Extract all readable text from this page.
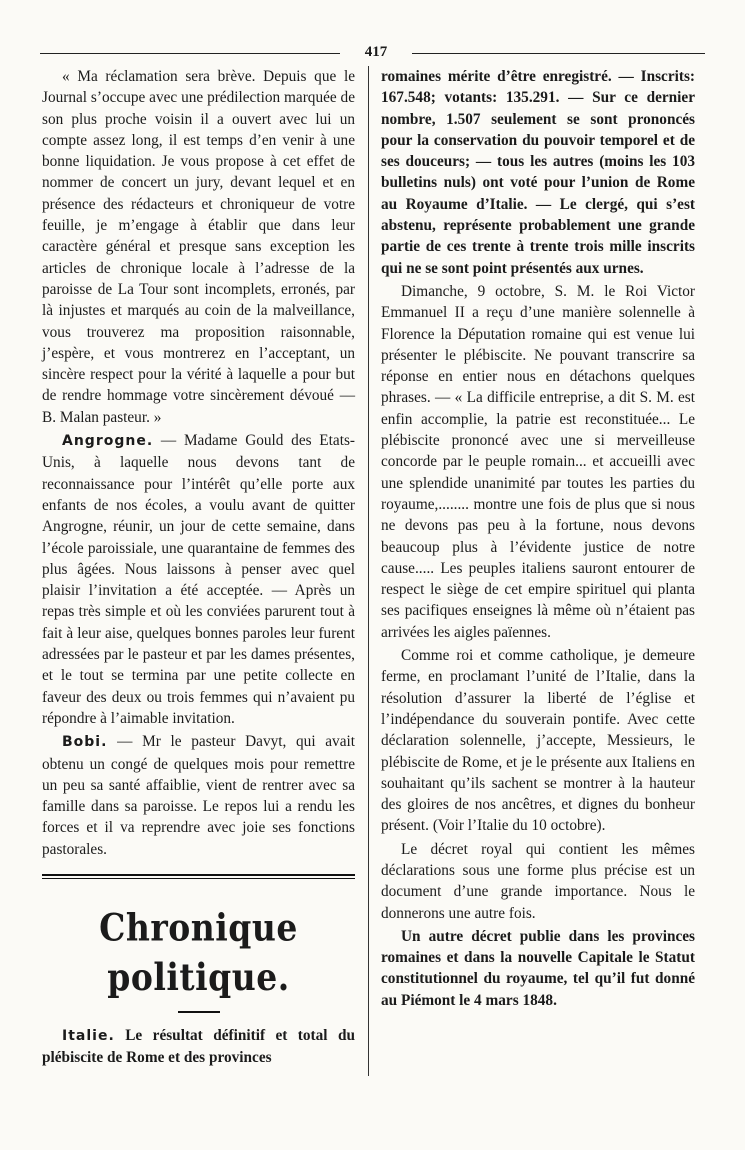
417

« Ma réclamation sera brève. Depuis que le Journal s’occupe avec une prédilection marquée de son plus proche voisin il a ouvert avec lui un compte assez long, il est temps d’en venir à une bonne liquidation. Je vous propose à cet effet de nommer de concert un jury, devant lequel et en présence des rédacteurs et chroniqueur de votre feuille, je m’engage à établir que dans leur caractère général et presque sans exception les articles de chronique locale à l’adresse de la paroisse de La Tour sont incomplets, erronés, par là injustes et marqués au coin de la malveillance, vous trouverez ma proposition raisonnable, j’espère, et vous montrerez en l’acceptant, un sincère respect pour la vérité à laquelle a pour but de rendre hommage votre sincèrement dévoué — B. Malan pasteur. »

Angrogne. — Madame Gould des Etats-Unis, à laquelle nous devons tant de reconnaissance pour l’intérêt qu’elle porte aux enfants de nos écoles, a voulu avant de quitter Angrogne, réunir, un jour de cette semaine, dans l’école paroissiale, une quarantaine de femmes des plus âgées. Nous laissons à penser avec quel plaisir l’invitation a été acceptée. — Après un repas très simple et où les conviées parurent tout à fait à leur aise, quelques bonnes paroles leur furent adressées par le pasteur et par les dames présentes, et le tout se termina par une petite collecte en faveur des deux ou trois femmes qui n’avaient pu répondre à l’aimable invitation.

Bobi. — Mr le pasteur Davyt, qui avait obtenu un congé de quelques mois pour remettre un peu sa santé affaiblie, vient de rentrer avec sa famille dans sa paroisse. Le repos lui a rendu les forces et il va reprendre avec joie ses fonctions pastorales.

Chronique politique.

Italie. Le résultat définitif et total du plébiscite de Rome et des provinces

romaines mérite d’être enregistré. — Inscrits: 167.548; votants: 135.291. — Sur ce dernier nombre, 1.507 seulement se sont prononcés pour la conservation du pouvoir temporel et de ses douceurs; — tous les autres (moins les 103 bulletins nuls) ont voté pour l’union de Rome au Royaume d’Italie. — Le clergé, qui s’est abstenu, représente probablement une grande partie de ces trente à trente trois mille inscrits qui ne se sont point présentés aux urnes.

Dimanche, 9 octobre, S. M. le Roi Victor Emmanuel II a reçu d’une manière solennelle à Florence la Députation romaine qui est venue lui présenter le plébiscite. Ne pouvant transcrire sa réponse en entier nous en détachons quelques phrases. — « La difficile entreprise, a dit S. M. est enfin accomplie, la patrie est reconstituée... Le plébiscite prononcé avec une si merveilleuse concorde par le peuple romain... et accueilli avec une splendide unanimité par toutes les parties du royaume,........ montre une fois de plus que si nous ne devons pas peu à la fortune, nous devons beaucoup plus à l’évidente justice de notre cause..... Les peuples italiens sauront entourer de respect le siège de cet empire spirituel qui planta ses pacifiques enseignes là même où n’étaient pas arrivées les aigles païennes.

Comme roi et comme catholique, je demeure ferme, en proclamant l’unité de l’Italie, dans la résolution d’assurer la liberté de l’église et l’indépendance du souverain pontife. Avec cette déclaration solennelle, j’accepte, Messieurs, le plébiscite de Rome, et je le présente aux Italiens en souhaitant qu’ils sachent se montrer à la hauteur des gloires de nos ancêtres, et dignes du bonheur présent. (Voir l’Italie du 10 octobre).

Le décret royal qui contient les mêmes déclarations sous une forme plus précise est un document d’une grande importance. Nous le donnerons une autre fois.

Un autre décret publie dans les provinces romaines et dans la nouvelle Capitale le Statut constitutionnel du royaume, tel qu’il fut donné au Piémont le 4 mars 1848.
